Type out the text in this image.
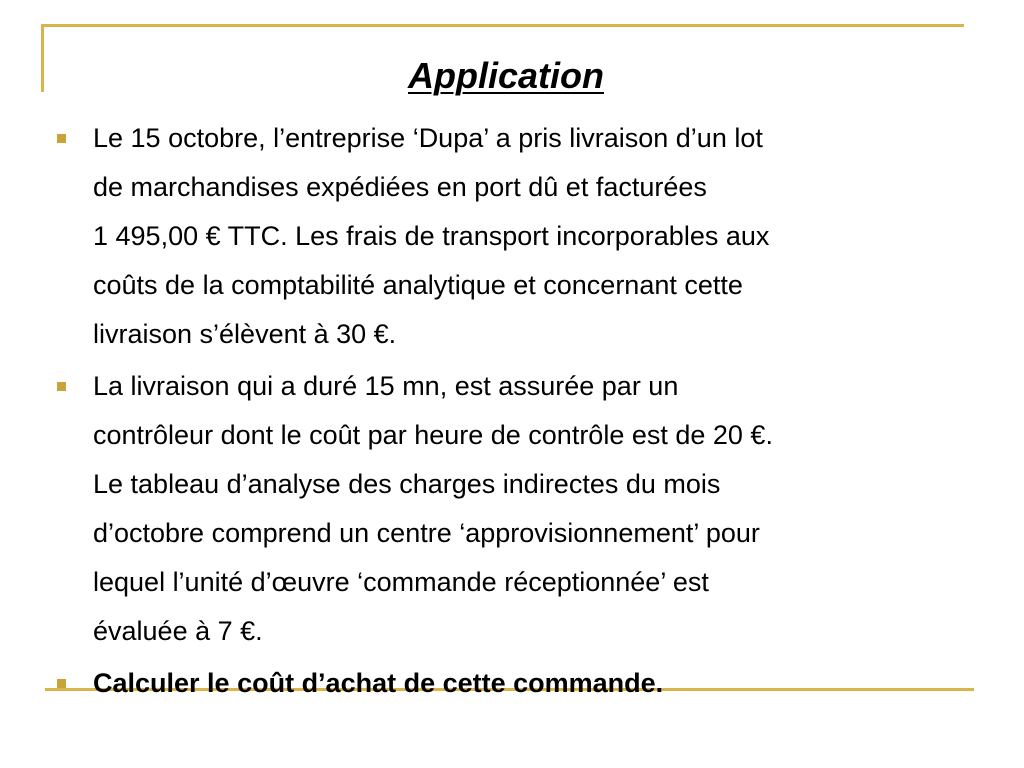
Application
Le 15 octobre, l’entreprise ‘Dupa’ a pris livraison d’un lot
de marchandises expédiées en port dû et facturées
1 495,00 € TTC. Les frais de transport incorporables aux
coûts de la comptabilité analytique et concernant cette
livraison s’élèvent à 30 €.
La livraison qui a duré 15 mn, est assurée par un
contrôleur dont le coût par heure de contrôle est de 20 €.
Le tableau d’analyse des charges indirectes du mois
d’octobre comprend un centre ‘approvisionnement’ pour
lequel l’unité d’œuvre ‘commande réceptionnée’ est
évaluée à 7 €.
Calculer le coût d’achat de cette commande.
